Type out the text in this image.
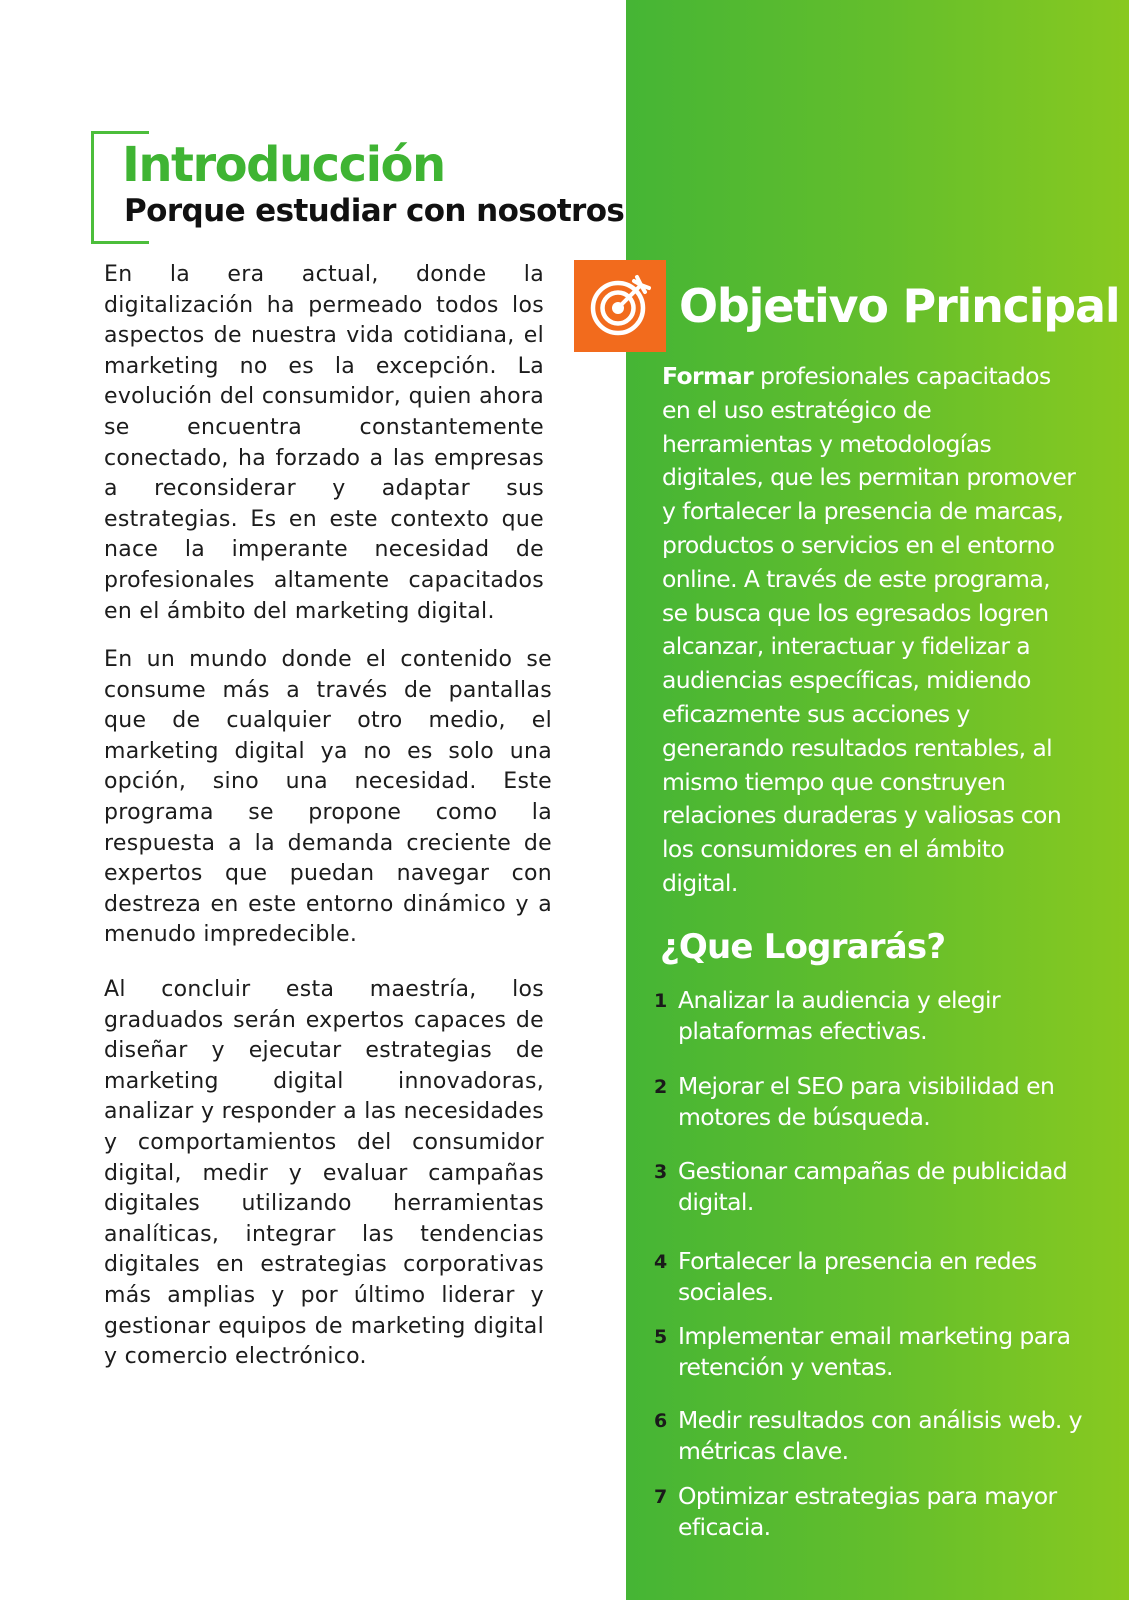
Introducción
Porque estudiar con nosotros

En la era actual, donde la digitalización ha permeado todos los aspectos de nuestra vida cotidiana, el marketing no es la excepción. La evolución del consumidor, quien ahora se encuentra constantemente conectado, ha forzado a las empresas a reconsiderar y adaptar sus estrategias. Es en este contexto que nace la imperante necesidad de profesionales altamente capacitados en el ámbito del marketing digital.

En un mundo donde el contenido se consume más a través de pantallas que de cualquier otro medio, el marketing digital ya no es solo una opción, sino una necesidad. Este programa se propone como la respuesta a la demanda creciente de expertos que puedan navegar con destreza en este entorno dinámico y a menudo impredecible.

Al concluir esta maestría, los graduados serán expertos capaces de diseñar y ejecutar estrategias de marketing digital innovadoras, analizar y responder a las necesidades y comportamientos del consumidor digital, medir y evaluar campañas digitales utilizando herramientas analíticas, integrar las tendencias digitales en estrategias corporativas más amplias y por último liderar y gestionar equipos de marketing digital y comercio electrónico.

Objetivo Principal

Formar profesionales capacitados en el uso estratégico de herramientas y metodologías digitales, que les permitan promover y fortalecer la presencia de marcas, productos o servicios en el entorno online. A través de este programa, se busca que los egresados logren alcanzar, interactuar y fidelizar a audiencias específicas, midiendo eficazmente sus acciones y generando resultados rentables, al mismo tiempo que construyen relaciones duraderas y valiosas con los consumidores en el ámbito digital.

¿Que Lograrás?
1 Analizar la audiencia y elegir plataformas efectivas.
2 Mejorar el SEO para visibilidad en motores de búsqueda.
3 Gestionar campañas de publicidad digital.
4 Fortalecer la presencia en redes sociales.
5 Implementar email marketing para retención y ventas.
6 Medir resultados con análisis web. y métricas clave.
7 Optimizar estrategias para mayor eficacia.
